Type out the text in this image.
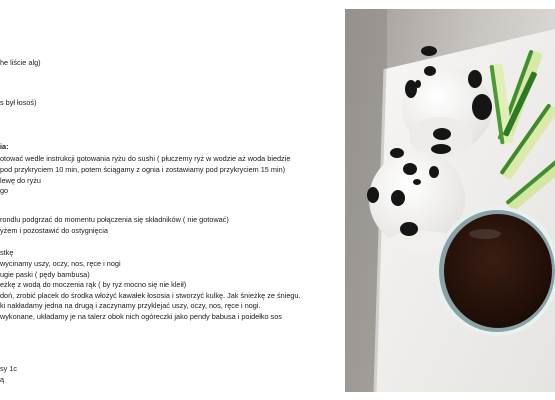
he liście alg)
s był łosoś)
ia:
otować wedle instrukcji gotowania ryżu do sushi ( płuczemy ryż w wodzie aż woda biedzie
pod przykryciem 10 min, potem ściągamy z ognia i zostawiamy pod przykryciem 15 min)
lewę do ryżu
go
rondlu podgrzać do momentu połączenia się składników ( nie gotować)
yżem i pozostawić do ostygnięcia
stkę
wycinamy uszy, oczy, nos, ręce i nogi
ugie paski ( pędy bambusa)
eżkę z wodą do moczenia rąk ( by ryż mocno się nie kleił)
doń, zrobić placek do środka włożyć kawałek łososia i stworzyć kulkę. Jak śnieżkę ze śniegu.
ki nakładamy jedna na drugą i zaczynamy przyklejać uszy, oczy, nos, ręce i nogi.
wykonane, układamy je na talerz obok nich ogóreczki jako pendy babusa i poidełko sos
sy 1c
ą
